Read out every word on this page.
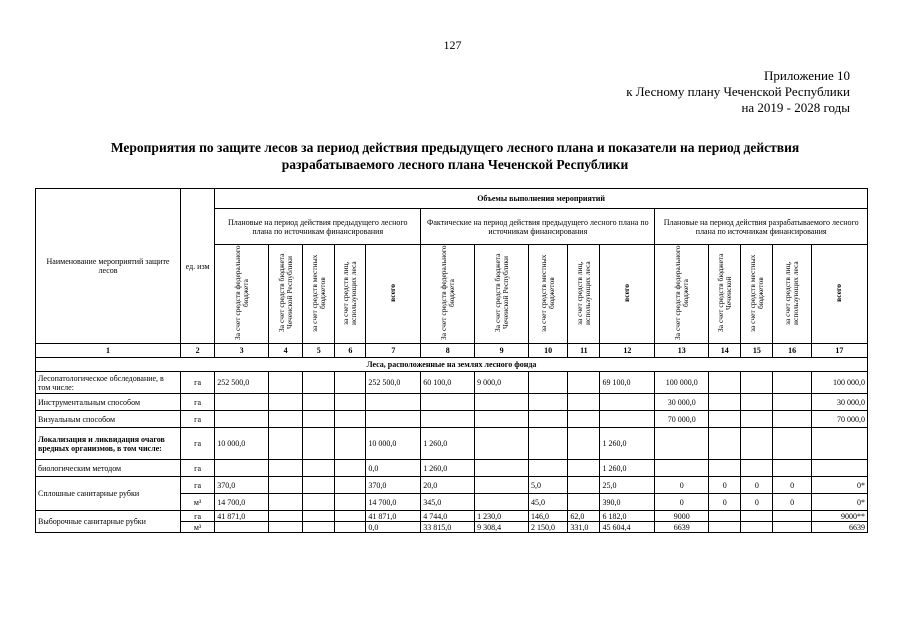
127
Приложение 10
к Лесному плану Чеченской Республики
на 2019 - 2028 годы
Мероприятия по защите лесов за период действия предыдущего лесного плана и показатели на период действия разрабатываемого лесного плана Чеченской Республики
Наименование мероприятий защите лесов	ед. изм	Объемы выполнения мероприятий														
		Плановые на период действия предыдущего лесного плана по источникам финансирования					Фактические на период действия предыдущего лесного плана по источникам финансирования					Плановые на период действия разрабатываемого лесного плана по источникам финансирования				
		За счет средств федерального бюджета	За счет средств бюджета Чеченской Республики	за счет средств местных бюджетов	за счет средств лиц, использующих леса	всего	За счет средств федерального бюджета	За счет средств бюджета Чеченской Республики	за счет средств местных бюджетов	за счет средств лиц, использующих леса	всего	За счет средств федерального бюджета	За счет средств бюджета Чеченской	за счет средств местных бюджетов	за счет средств лиц, использующих леса	всего
1	2	3	4	5	6	7	8	9	10	11	12	13	14	15	16	17
Леса, расположенные на землях лесного фонда																
Лесопатологическое обследование, в том числе:	га	252 500,0				252 500,0	60 100,0	9 000,0			69 100,0	100 000,0				100 000,0
Инструментальным способом	га											30 000,0				30 000,0
Визуальным способом	га											70 000,0				70 000,0
Локализация и ликвидация очагов вредных организмов, в том числе:	га	10 000,0				10 000,0	1 260,0				1 260,0					
биологическим методом	га					0,0	1 260,0				1 260,0					
Сплошные санитарные рубки	га	370,0				370,0	20,0		5,0		25,0	0	0	0	0	0*
	м³	14 700,0				14 700,0	345,0		45,0		390,0	0	0	0	0	0*
Выборочные санитарные рубки	га	41 871,0				41 871,0	4 744,0	1 230,0	146,0	62,0	6 182,0	9000				9000**
	м³					0,0	33 815,0	9 308,4	2 150,0	331,0	45 604,4	6639				6639
